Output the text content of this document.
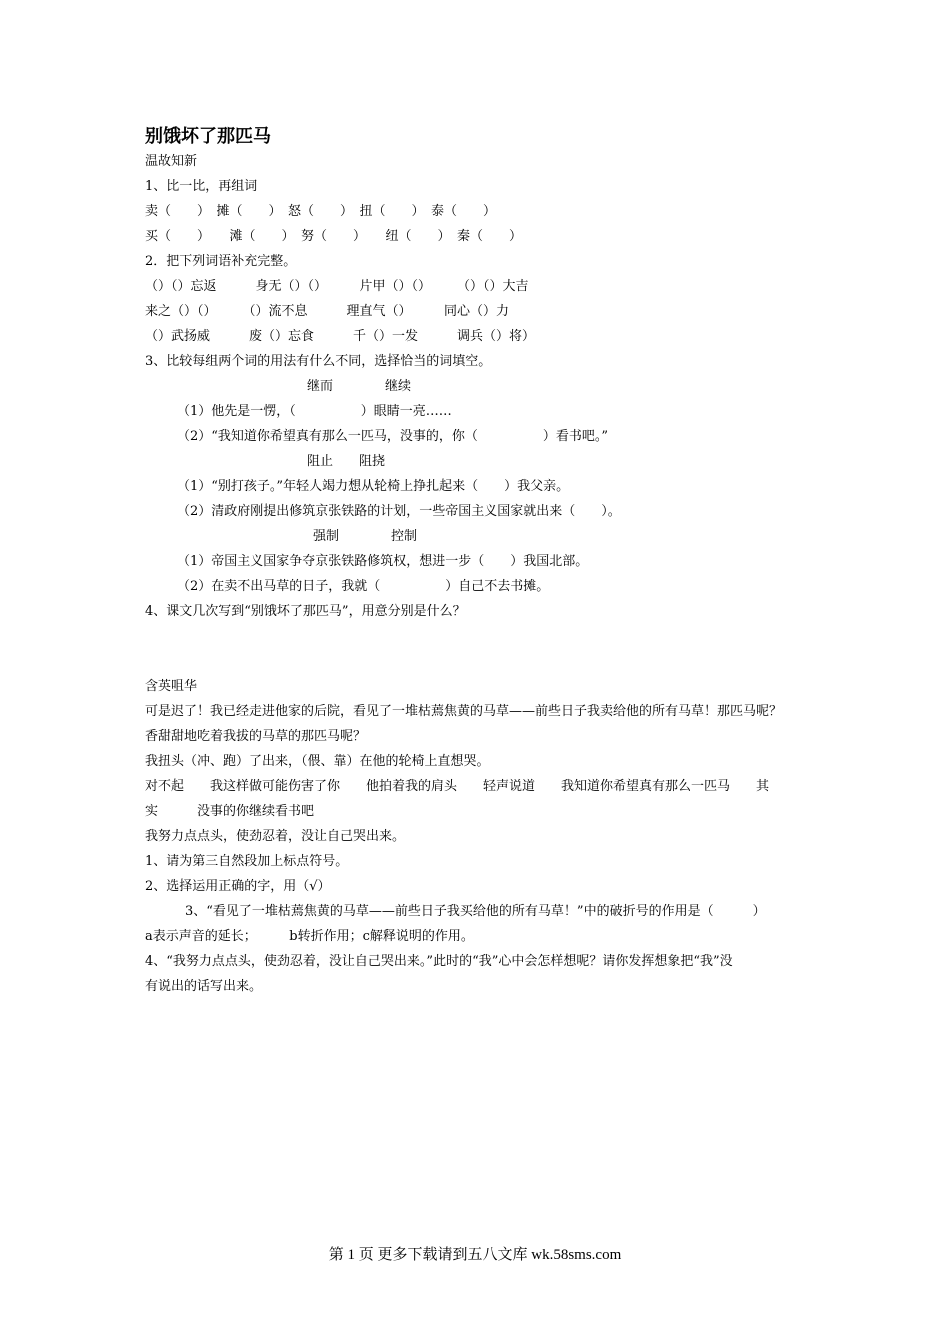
别饿坏了那匹马
温故知新
1、比一比，再组词
卖（　　）　摊（　　）　怒（　　）　扭（　　）　泰（　　）
买（　　）　　滩（　　）　努（　　）　　纽（　　）　秦（　　）
2．把下列词语补充完整。
（）（）忘返　　　身无（）（）　　　片甲（）（）　　　（）（）大吉
来之（）（）　　　（）流不息　　　理直气（）　　　同心（）力
（）武扬威　　　废（）忘食　　　千（）一发　　　调兵（）将）
3、比较每组两个词的用法有什么不同，选择恰当的词填空。
继而　　　　继续
（1）他先是一愣，（　　　　　）眼睛一亮……
（2）“我知道你希望真有那么一匹马，没事的，你（　　　　　）看书吧。”
阻止　　阻挠
（1）“别打孩子。”年轻人竭力想从轮椅上挣扎起来（　　）我父亲。
（2）清政府刚提出修筑京张铁路的计划，一些帝国主义国家就出来（　　）。
强制　　　　控制
（1）帝国主义国家争夺京张铁路修筑权，想进一步（　　）我国北部。
（2）在卖不出马草的日子，我就（　　　　　）自己不去书摊。
4、课文几次写到“别饿坏了那匹马”，用意分别是什么？
含英咀华
可是迟了！我已经走进他家的后院，看见了一堆枯蔫焦黄的马草——前些日子我卖给他的所有马草！那匹马呢？
香甜甜地吃着我拔的马草的那匹马呢？
我扭头（冲、跑）了出来，（偎、靠）在他的轮椅上直想哭。
对不起　　我这样做可能伤害了你　　他拍着我的肩头　　轻声说道　　我知道你希望真有那么一匹马　　其
实　　　没事的你继续看书吧
我努力点点头，使劲忍着，没让自己哭出来。
1、请为第三自然段加上标点符号。
2、选择运用正确的字，用（√）
3、“看见了一堆枯蔫焦黄的马草——前些日子我买给他的所有马草！”中的破折号的作用是（　　　）
a表示声音的延长；　　　b转折作用；c解释说明的作用。
4、“我努力点点头，使劲忍着，没让自己哭出来。”此时的“我”心中会怎样想呢？请你发挥想象把“我”没
有说出的话写出来。
第 1 页 更多下载请到五八文库 wk.58sms.com
